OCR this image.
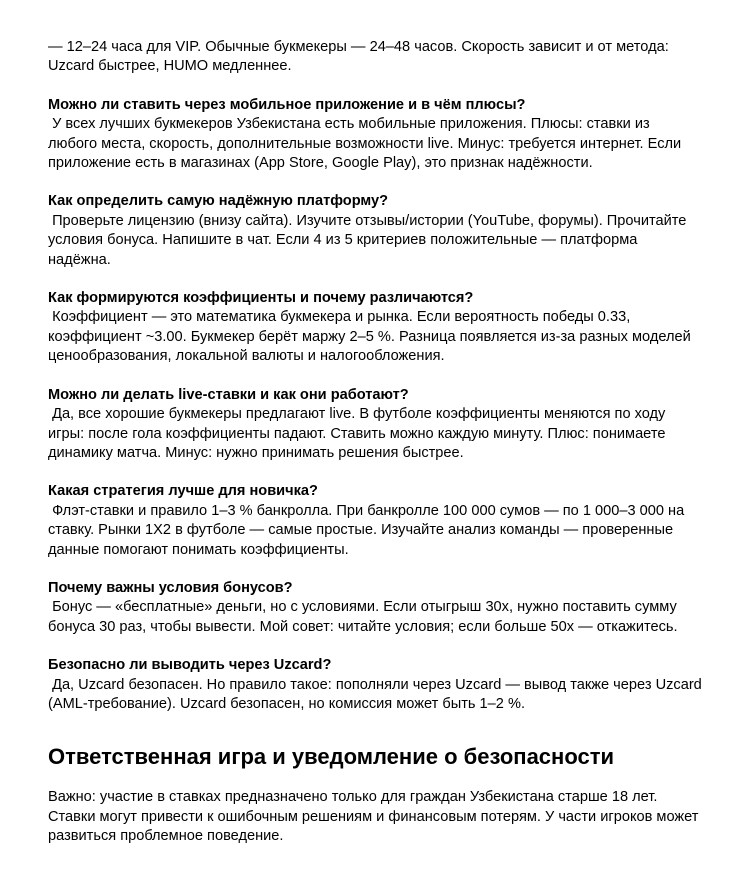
— 12–24 часа для VIP. Обычные букмекеры — 24–48 часов. Скорость зависит и от метода: Uzcard быстрее, HUMO медленнее.

Можно ли ставить через мобильное приложение и в чём плюсы?

У всех лучших букмекеров Узбекистана есть мобильные приложения. Плюсы: ставки из любого места, скорость, дополнительные возможности live. Минус: требуется интернет. Если приложение есть в магазинах (App Store, Google Play), это признак надёжности.

Как определить самую надёжную платформу?

Проверьте лицензию (внизу сайта). Изучите отзывы/истории (YouTube, форумы). Прочитайте условия бонуса. Напишите в чат. Если 4 из 5 критериев положительные — платформа надёжна.

Как формируются коэффициенты и почему различаются?

Коэффициент — это математика букмекера и рынка. Если вероятность победы 0.33, коэффициент ~3.00. Букмекер берёт маржу 2–5 %. Разница появляется из-за разных моделей ценообразования, локальной валюты и налогообложения.

Можно ли делать live-ставки и как они работают?

Да, все хорошие букмекеры предлагают live. В футболе коэффициенты меняются по ходу игры: после гола коэффициенты падают. Ставить можно каждую минуту. Плюс: понимаете динамику матча. Минус: нужно принимать решения быстрее.

Какая стратегия лучше для новичка?

Флэт-ставки и правило 1–3 % банкролла. При банкролле 100 000 сумов — по 1 000–3 000 на ставку. Рынки 1X2 в футболе — самые простые. Изучайте анализ команды — проверенные данные помогают понимать коэффициенты.

Почему важны условия бонусов?

Бонус — «бесплатные» деньги, но с условиями. Если отыгрыш 30x, нужно поставить сумму бонуса 30 раз, чтобы вывести. Мой совет: читайте условия; если больше 50x — откажитесь.

Безопасно ли выводить через Uzcard?

Да, Uzcard безопасен. Но правило такое: пополняли через Uzcard — вывод также через Uzcard (AML-требование). Uzcard безопасен, но комиссия может быть 1–2 %.

Ответственная игра и уведомление о безопасности

Важно: участие в ставках предназначено только для граждан Узбекистана старше 18 лет. Ставки могут привести к ошибочным решениям и финансовым потерям. У части игроков может развиться проблемное поведение.
